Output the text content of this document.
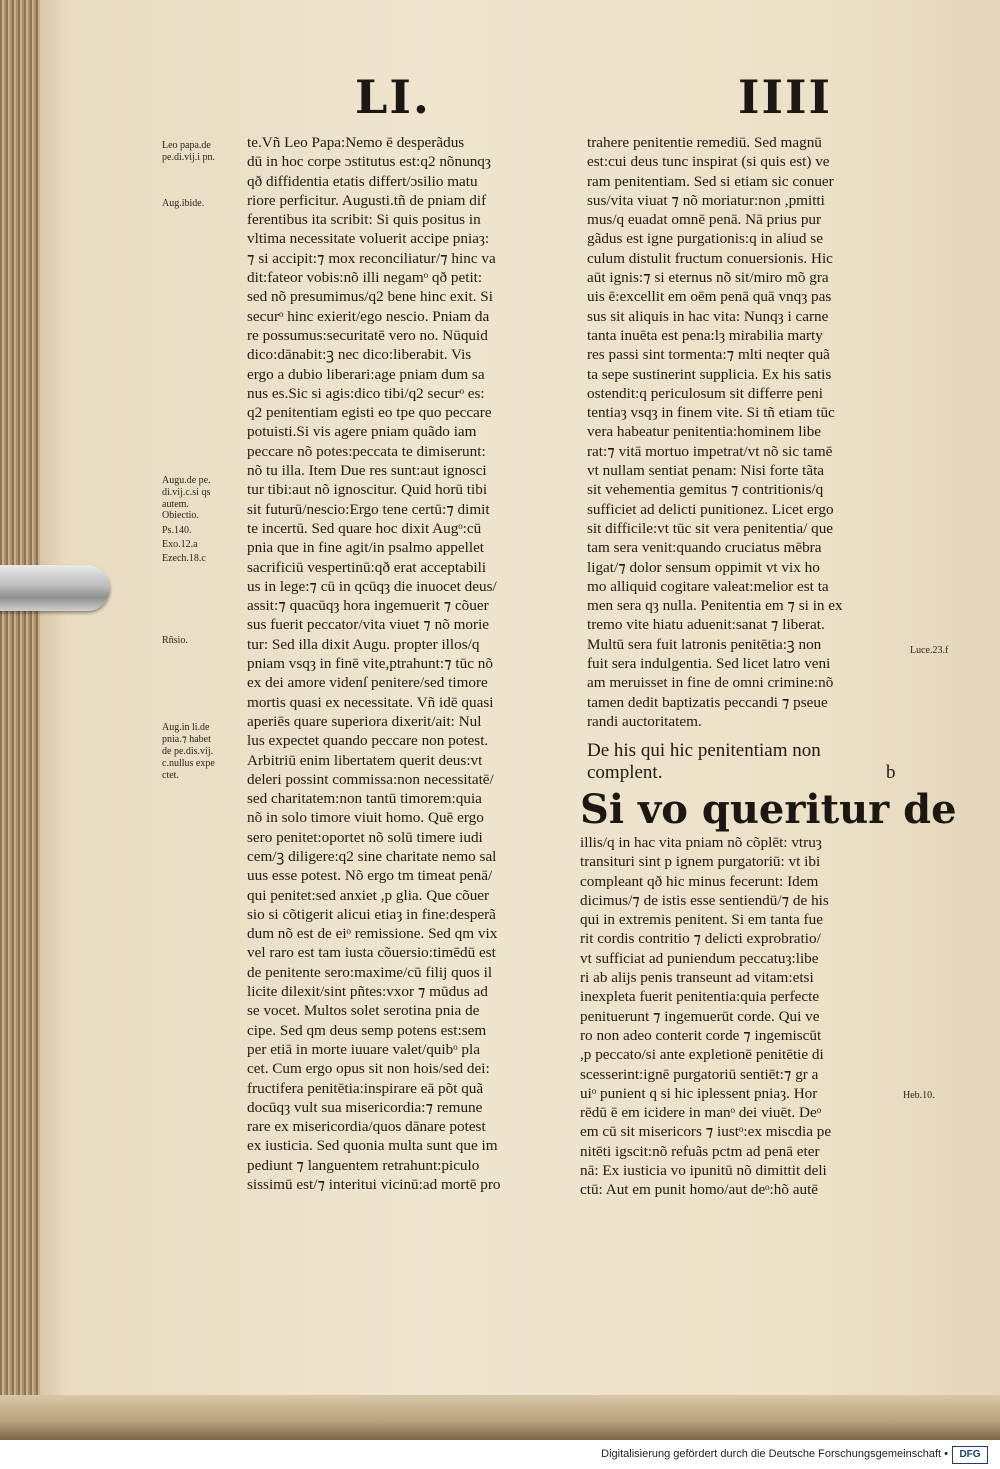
LI.	IIII
Leo papa.de
pe.di.vij.i pn.
Aug.ibide.
Augu.de pe.
di.vij.c.si qs
autem.
Obiectio.
Ps.140.
Exo.12.a
Ezech.18.c
Rñsio.
Aug.in li.de
pnia.⁊ habet
de pe.dis.vij.
c.nullus expe
ctet.
te.Vñ Leo Papa:Nemo ē desperãdus
dū in hoc corpe ɔstitutus est:q2 nõnunqȝ
qð diffidentia etatis differt/ɔsilio matu
riore perficitur. Augusti.tñ de pniam dif
ferentibus ita scribit: Si quis positus in
vltima necessitate voluerit accipe pniaȝ:
⁊ si accipit:⁊ mox reconciliatur/⁊ hinc va
dit:fateor vobis:nõ illi negamᵒ qð petit:
sed nõ presumimus/q2 bene hinc exit. Si
securᵒ hinc exierit/ego nescio. Pniam da
re possumus:securitatē vero no. Nūquid
dico:dānabit:ꝫ nec dico:liberabit. Vis
ergo a dubio liberari:age pniam dum sa
nus es.Sic si agis:dico tibi/q2 securᵒ es:
q2 penitentiam egisti eo tpe quo peccare
potuisti.Si vis agere pniam quãdo iam
peccare nõ potes:peccata te dimiserunt:
nõ tu illa. Item Due res sunt:aut ignosci
tur tibi:aut nõ ignoscitur. Quid horū tibi
sit futurū/nescio:Ergo tene certū:⁊ dimit
te incertū. Sed quare hoc dixit Augᵒ:cū
pnia que in fine agit/in psalmo appellet
sacrificiū vespertinū:qð erat acceptabili
us in lege:⁊ cū in qcūqȝ die inuocet deus/
assit:⁊ quacūqȝ hora ingemuerit ⁊ cõuer
sus fuerit peccator/vita viuet ⁊ nõ morie
tur: Sed illa dixit Augu. propter illos/q
pniam vsqȝ in finē vite,ptrahunt:⁊ tūc nõ
ex dei amore videnſ penitere/sed timore
mortis quasi ex necessitate. Vñ idē quasi
aperiēs quare superiora dixerit/ait: Nul
lus expectet quando peccare non potest.
Arbitriū enim libertatem querit deus:vt
deleri possint commissa:non necessitatē/
sed charitatem:non tantū timorem:quia
nõ in solo timore viuit homo. Quē ergo
sero penitet:oportet nõ solū timere iudi
cem/ꝫ diligere:q2 sine charitate nemo sal
uus esse potest. Nõ ergo tm timeat penā/
qui penitet:sed anxiet ,p glia. Que cõuer
sio si cõtigerit alicui etiaȝ in fine:desperã
dum nõ est de eiᵒ remissione. Sed qm vix
vel raro est tam iusta cõuersio:timēdū est
de penitente sero:maxime/cū filij quos il
licite dilexit/sint pñtes:vxor ⁊ mūdus ad
se vocet. Multos solet serotina pnia de
cipe. Sed qm deus semp potens est:sem
per etiā in morte iuuare valet/quibᵒ pla
cet. Cum ergo opus sit non hois/sed dei:
fructifera penitētia:inspirare eā põt quã
docūqȝ vult sua misericordia:⁊ remune
rare ex misericordia/quos dānare potest
ex iusticia. Sed quonia multa sunt que im
pediunt ⁊ languentem retrahunt:piculo
sissimū est/⁊ interitui vicinū:ad mortē pro
trahere penitentie remediū. Sed magnū
est:cui deus tunc inspirat (si quis est) ve
ram penitentiam. Sed si etiam sic conuer
sus/vita viuat ⁊ nõ moriatur:non ,pmitti
mus/q euadat omnē penā. Nā prius pur
gãdus est igne purgationis:q in aliud se
culum distulit fructum conuersionis. Hic
aūt ignis:⁊ si eternus nõ sit/miro mõ gra
uis ē:excellit em oēm penā quā vnqȝ pas
sus sit aliquis in hac vita: Nunqȝ i carne
tanta inuēta est pena:lȝ mirabilia marty
res passi sint tormenta:⁊ mlti neqter quã
ta sepe sustinerint supplicia. Ex his satis
ostendit:q periculosum sit differre peni
tentiaȝ vsqȝ in finem vite. Si tñ etiam tūc
vera habeatur penitentia:hominem libe
rat:⁊ vitā mortuo impetrat/vt nõ sic tamē
vt nullam sentiat penam: Nisi forte tãta
sit vehementia gemitus ⁊ contritionis/q
sufficiet ad delicti punitionez. Licet ergo
sit difficile:vt tūc sit vera penitentia/ que
tam sera venit:quando cruciatus mēbra
ligat/⁊ dolor sensum oppimit vt vix ho
mo alliquid cogitare valeat:melior est ta
men sera qȝ nulla. Penitentia em ⁊ si in ex
tremo vite hiatu aduenit:sanat ⁊ liberat.
Multū sera fuit latronis penitētia:ꝫ non
fuit sera indulgentia. Sed licet latro veni
am meruisset in fine de omni crimine:nõ
tamen dedit baptizatis peccandi ⁊ pseue
randi auctoritatem.
De his qui hic penitentiam non
complent.	b
Si vo queritur de
illis/q in hac vita pniam nõ cõplēt: vtruȝ
transituri sint p ignem purgatoriū: vt ibi
compleant qð hic minus fecerunt: Idem
dicimus/⁊ de istis esse sentiendū/⁊ de his
qui in extremis penitent. Si em tanta fue
rit cordis contritio ⁊ delicti exprobratio/
vt sufficiat ad puniendum peccatuȝ:libe
ri ab alijs penis transeunt ad vitam:etsi
inexpleta fuerit penitentia:quia perfecte
penituerunt ⁊ ingemuerūt corde. Qui ve
ro non adeo conterit corde ⁊ ingemiscūt
,p peccato/si ante expletionē penitētie di
scesserint:ignē purgatoriū sentiēt:⁊ gr a
uiᵒ punient q si hic iplessent pniaȝ. Hor
rēdū ē em icidere in manᵒ dei viuēt. Deᵒ
em cū sit misericors ⁊ iustᵒ:ex miscdia pe
nitēti igscit:nõ refuãs pctm ad penā eter
nā: Ex iusticia vo ipunitū nõ dimittit deli
ctū: Aut em punit homo/aut deᵒ:hõ autē
Luce.23.f
Heb.10.
Digitalisierung gefördert durch die Deutsche Forschungsgemeinschaft •	DFG
